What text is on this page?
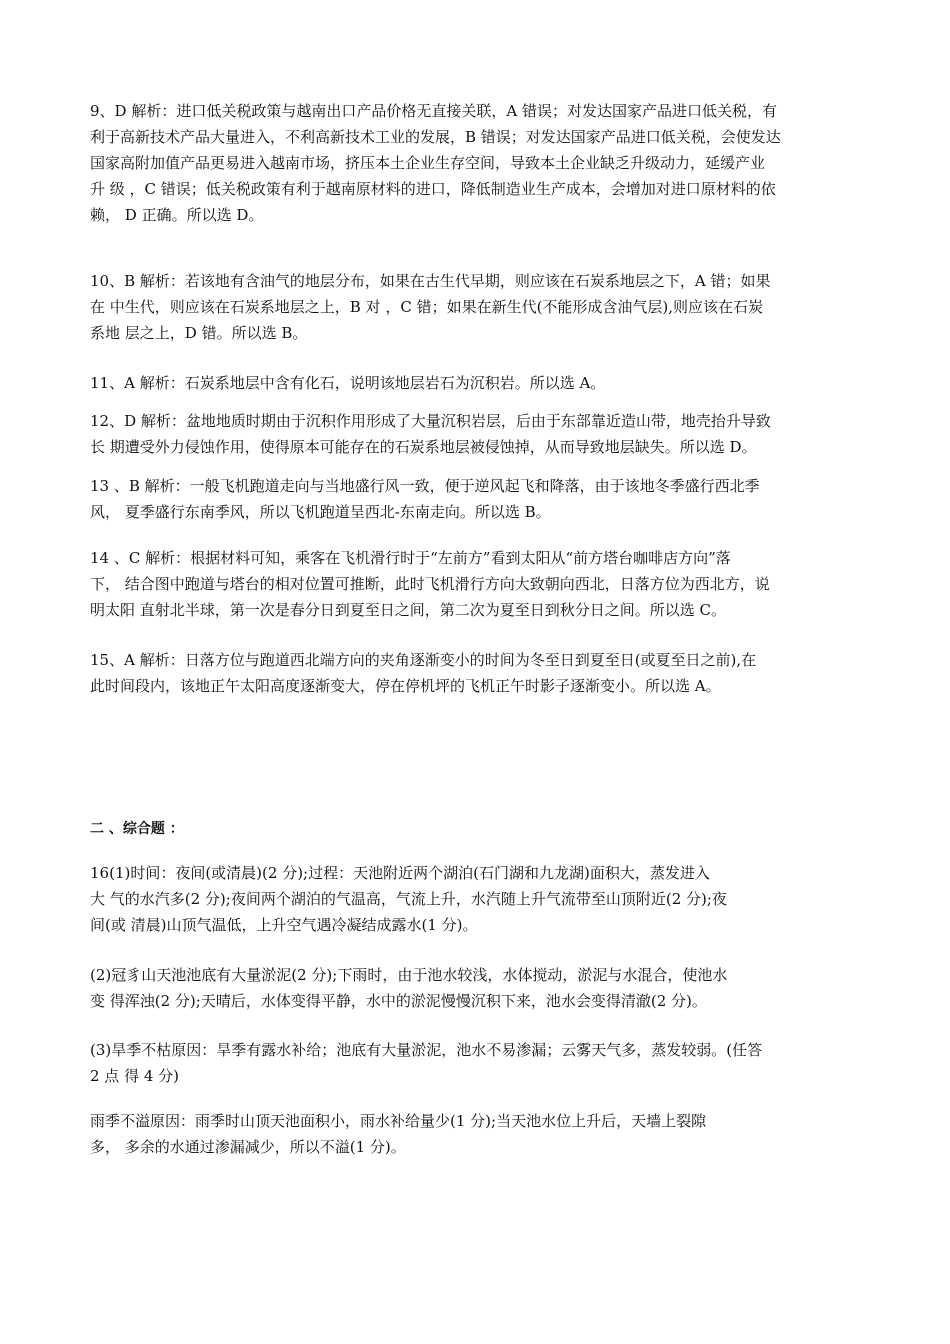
9、D 解析：进口低关税政策与越南出口产品价格无直接关联，A 错误；对发达国家产品进口低关税，有
利于高新技术产品大量进入，不利高新技术工业的发展，B 错误；对发达国家产品进口低关税，会使发达
国家高附加值产品更易进入越南市场，挤压本土企业生存空间，导致本土企业缺乏升级动力，延缓产业
升 级 ，C 错误；低关税政策有利于越南原材料的进口，降低制造业生产成本，会增加对进口原材料的依
赖， D 正确。所以选 D。
10、B 解析：若该地有含油气的地层分布，如果在古生代早期，则应该在石炭系地层之下，A 错；如果
在 中生代，则应该在石炭系地层之上，B 对 ，C 错；如果在新生代(不能形成含油气层),则应该在石炭
系地 层之上，D 错。所以选 B。
11、A 解析：石炭系地层中含有化石，说明该地层岩石为沉积岩。所以选 A。
12、D 解析：盆地地质时期由于沉积作用形成了大量沉积岩层，后由于东部靠近造山带，地壳抬升导致
长 期遭受外力侵蚀作用，使得原本可能存在的石炭系地层被侵蚀掉，从而导致地层缺失。所以选 D。
13 、B 解析：一般飞机跑道走向与当地盛行风一致，便于逆风起飞和降落，由于该地冬季盛行西北季
风， 夏季盛行东南季风，所以飞机跑道呈西北-东南走向。所以选 B。
14 、C 解析：根据材料可知，乘客在飞机滑行时于“左前方”看到太阳从“前方塔台咖啡店方向”落
下， 结合图中跑道与塔台的相对位置可推断，此时飞机滑行方向大致朝向西北，日落方位为西北方，说
明太阳 直射北半球，第一次是春分日到夏至日之间，第二次为夏至日到秋分日之间。所以选 C。
15、A 解析：日落方位与跑道西北端方向的夹角逐渐变小的时间为冬至日到夏至日(或夏至日之前),在
此时间段内，该地正午太阳高度逐渐变大，停在停机坪的飞机正午时影子逐渐变小。所以选 A。
二 、综合题 ：
16(1)时间：夜间(或清晨)(2 分);过程：天池附近两个湖泊(石门湖和九龙湖)面积大，蒸发进入
大 气的水汽多(2 分);夜间两个湖泊的气温高，气流上升，水汽随上升气流带至山顶附近(2 分);夜
间(或 清晨)山顶气温低，上升空气遇冷凝结成露水(1 分)。
(2)冠豸山天池池底有大量淤泥(2 分);下雨时，由于池水较浅，水体搅动，淤泥与水混合，使池水
变 得浑浊(2 分);天晴后，水体变得平静，水中的淤泥慢慢沉积下来，池水会变得清澈(2 分)。
(3)旱季不枯原因：旱季有露水补给；池底有大量淤泥，池水不易渗漏；云雾天气多，蒸发较弱。(任答
2 点 得 4 分)
雨季不溢原因：雨季时山顶天池面积小，雨水补给量少(1 分);当天池水位上升后，天墙上裂隙
多， 多余的水通过渗漏减少，所以不溢(1 分)。
